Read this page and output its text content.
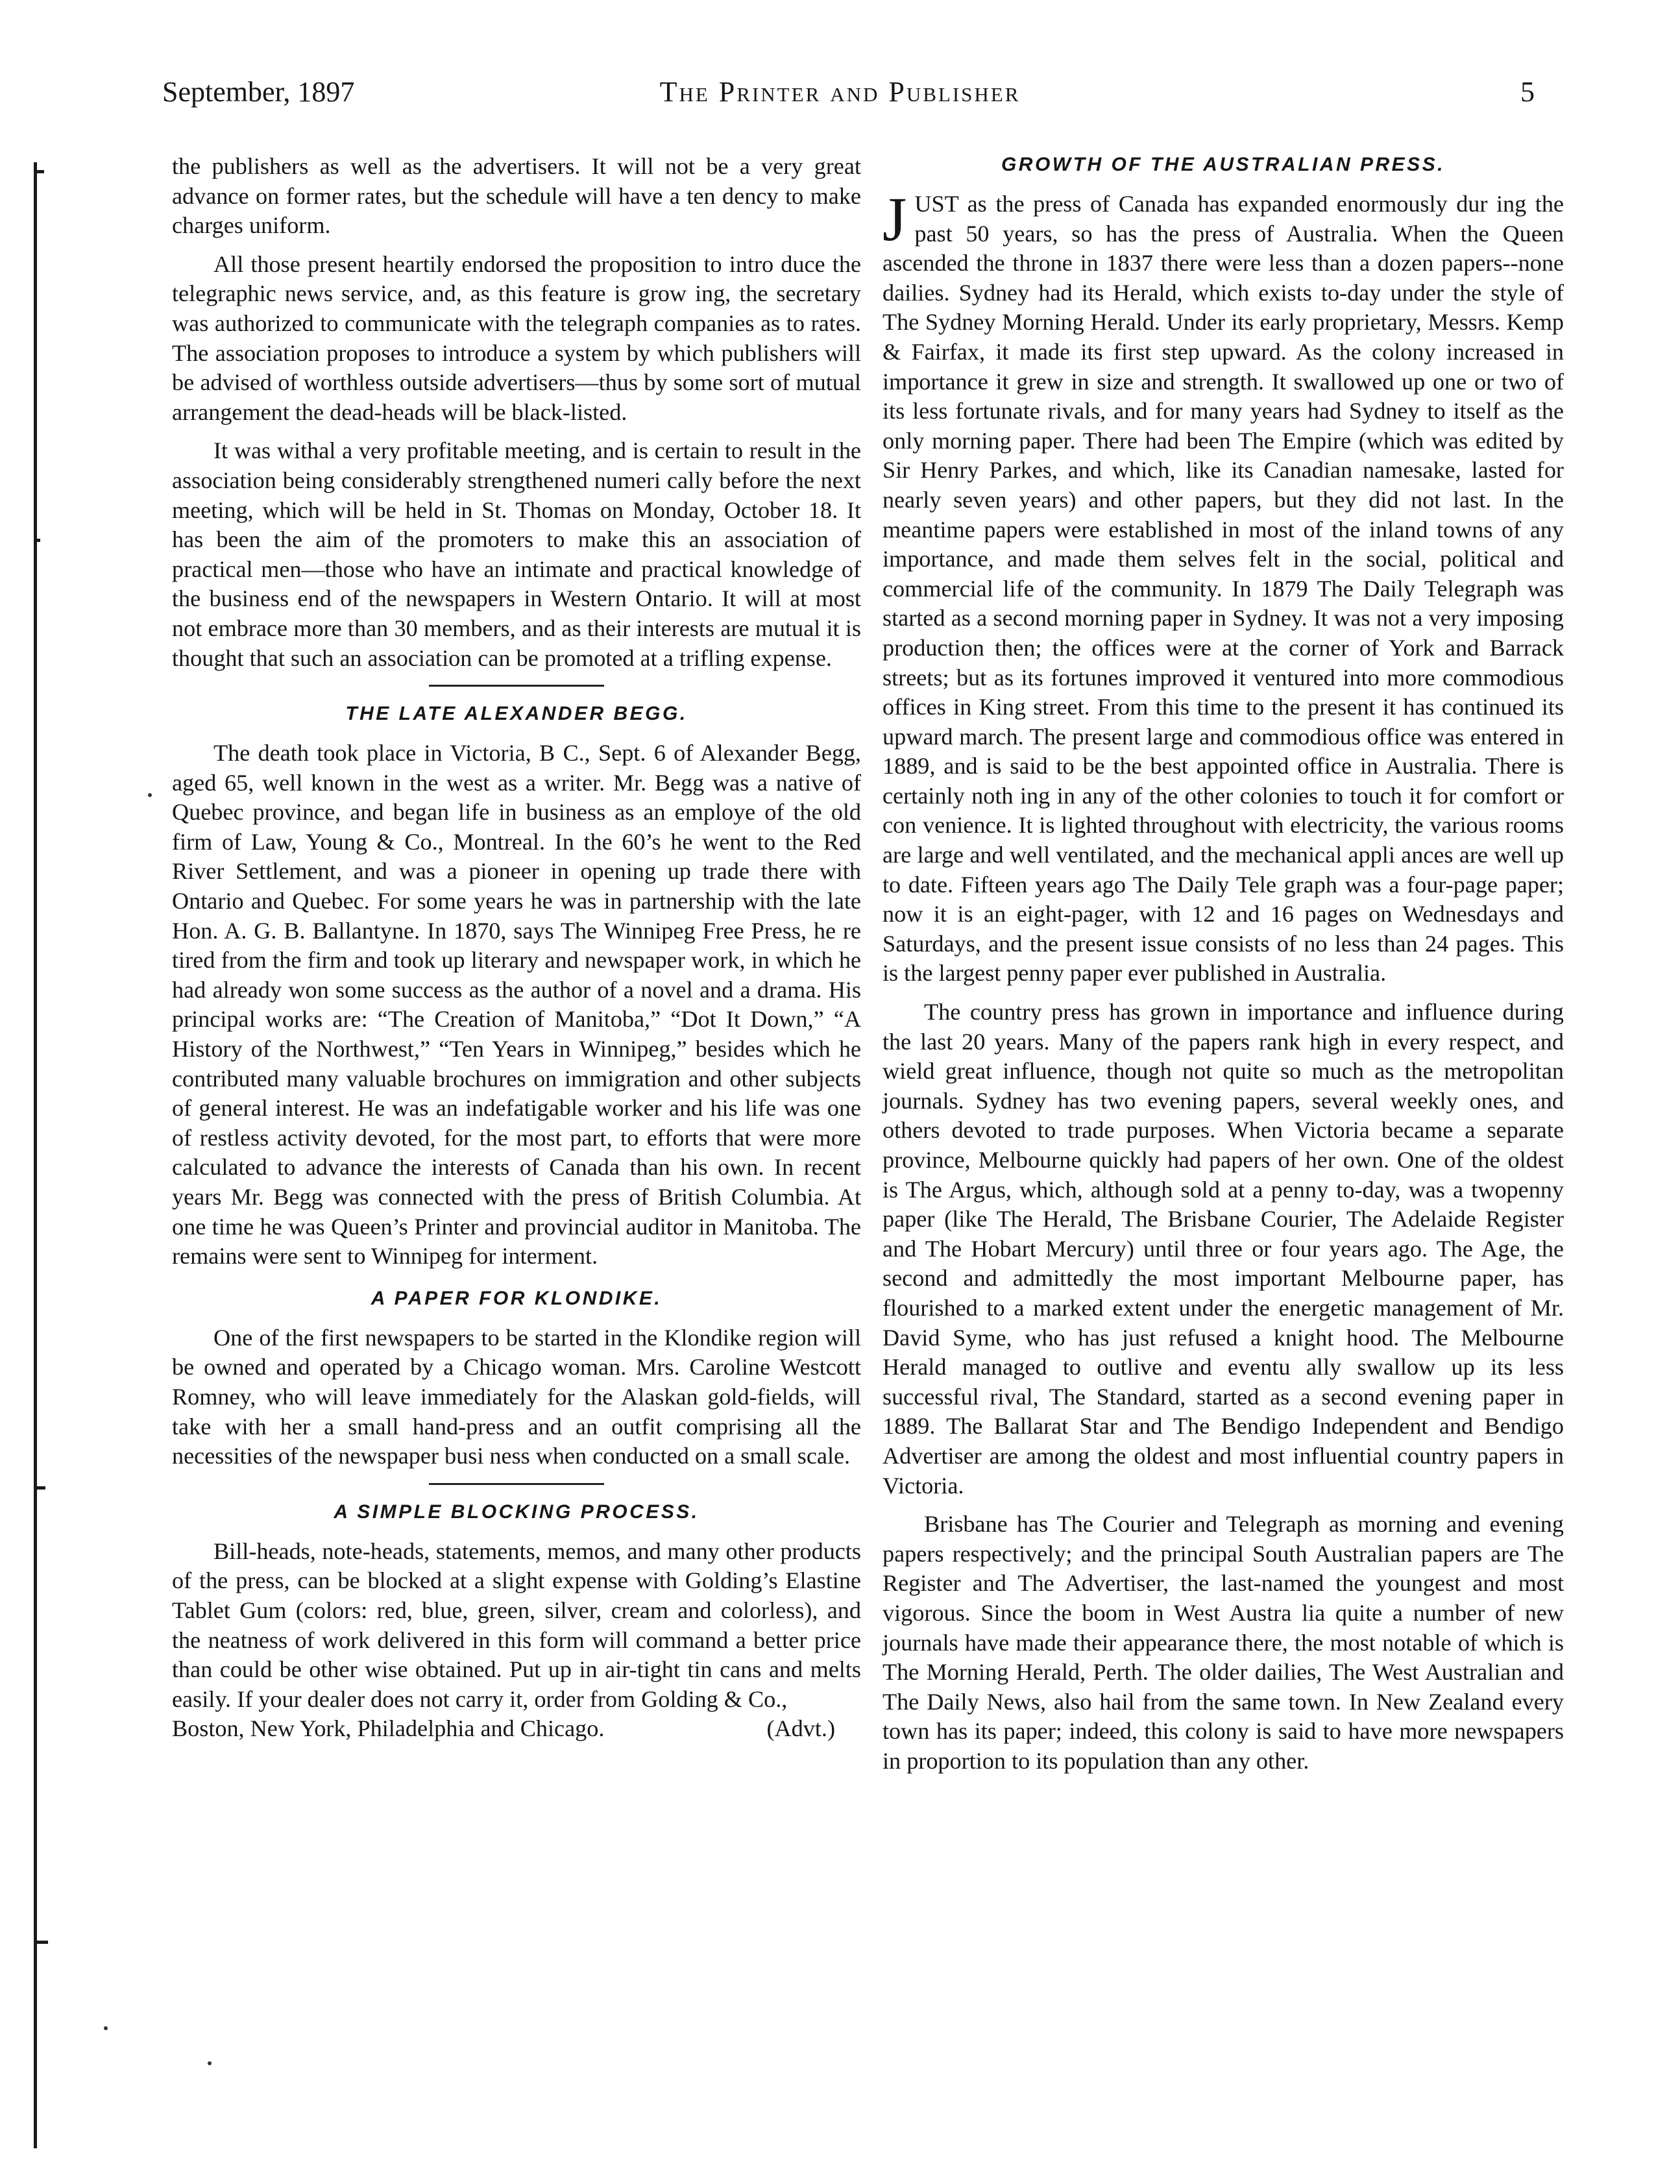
September, 1897	The Printer and Publisher	5

the publishers as well as the advertisers. It will not be a very great advance on former rates, but the schedule will have a ten dency to make charges uniform.

All those present heartily endorsed the proposition to intro duce the telegraphic news service, and, as this feature is grow ing, the secretary was authorized to communicate with the telegraph companies as to rates. The association proposes to introduce a system by which publishers will be advised of worthless outside advertisers—thus by some sort of mutual arrangement the dead-heads will be black-listed.

It was withal a very profitable meeting, and is certain to result in the association being considerably strengthened numeri cally before the next meeting, which will be held in St. Thomas on Monday, October 18. It has been the aim of the promoters to make this an association of practical men—those who have an intimate and practical knowledge of the business end of the newspapers in Western Ontario. It will at most not embrace more than 30 members, and as their interests are mutual it is thought that such an association can be promoted at a trifling expense.

THE LATE ALEXANDER BEGG.

The death took place in Victoria, B C., Sept. 6 of Alexander Begg, aged 65, well known in the west as a writer. Mr. Begg was a native of Quebec province, and began life in business as an employe of the old firm of Law, Young & Co., Montreal. In the 60’s he went to the Red River Settlement, and was a pioneer in opening up trade there with Ontario and Quebec. For some years he was in partnership with the late Hon. A. G. B. Ballantyne. In 1870, says The Winnipeg Free Press, he re tired from the firm and took up literary and newspaper work, in which he had already won some success as the author of a novel and a drama. His principal works are: “The Creation of Manitoba,” “Dot It Down,” “A History of the Northwest,” “Ten Years in Winnipeg,” besides which he contributed many valuable brochures on immigration and other subjects of general interest. He was an indefatigable worker and his life was one of restless activity devoted, for the most part, to efforts that were more calculated to advance the interests of Canada than his own. In recent years Mr. Begg was connected with the press of British Columbia. At one time he was Queen’s Printer and provincial auditor in Manitoba. The remains were sent to Winnipeg for interment.

A PAPER FOR KLONDIKE.

One of the first newspapers to be started in the Klondike region will be owned and operated by a Chicago woman. Mrs. Caroline Westcott Romney, who will leave immediately for the Alaskan gold-fields, will take with her a small hand-press and an outfit comprising all the necessities of the newspaper busi ness when conducted on a small scale.

A SIMPLE BLOCKING PROCESS.

Bill-heads, note-heads, statements, memos, and many other products of the press, can be blocked at a slight expense with Golding’s Elastine Tablet Gum (colors: red, blue, green, silver, cream and colorless), and the neatness of work delivered in this form will command a better price than could be other wise obtained. Put up in air-tight tin cans and melts easily. If your dealer does not carry it, order from Golding & Co.,

Boston, New York, Philadelphia and Chicago.	(Advt.)
GROWTH OF THE AUSTRALIAN PRESS.

JUST as the press of Canada has expanded enormously dur ing the past 50 years, so has the press of Australia. When the Queen ascended the throne in 1837 there were less than a dozen papers--none dailies. Sydney had its Herald, which exists to-day under the style of The Sydney Morning Herald. Under its early proprietary, Messrs. Kemp & Fairfax, it made its first step upward. As the colony increased in importance it grew in size and strength. It swallowed up one or two of its less fortunate rivals, and for many years had Sydney to itself as the only morning paper. There had been The Empire (which was edited by Sir Henry Parkes, and which, like its Canadian namesake, lasted for nearly seven years) and other papers, but they did not last. In the meantime papers were established in most of the inland towns of any importance, and made them selves felt in the social, political and commercial life of the community. In 1879 The Daily Telegraph was started as a second morning paper in Sydney. It was not a very imposing production then; the offices were at the corner of York and Barrack streets; but as its fortunes improved it ventured into more commodious offices in King street. From this time to the present it has continued its upward march. The present large and commodious office was entered in 1889, and is said to be the best appointed office in Australia. There is certainly noth ing in any of the other colonies to touch it for comfort or con venience. It is lighted throughout with electricity, the various rooms are large and well ventilated, and the mechanical appli ances are well up to date. Fifteen years ago The Daily Tele graph was a four-page paper; now it is an eight-pager, with 12 and 16 pages on Wednesdays and Saturdays, and the present issue consists of no less than 24 pages. This is the largest penny paper ever published in Australia.

The country press has grown in importance and influence during the last 20 years. Many of the papers rank high in every respect, and wield great influence, though not quite so much as the metropolitan journals. Sydney has two evening papers, several weekly ones, and others devoted to trade purposes. When Victoria became a separate province, Melbourne quickly had papers of her own. One of the oldest is The Argus, which, although sold at a penny to-day, was a twopenny paper (like The Herald, The Brisbane Courier, The Adelaide Register and The Hobart Mercury) until three or four years ago. The Age, the second and admittedly the most important Melbourne paper, has flourished to a marked extent under the energetic management of Mr. David Syme, who has just refused a knight hood. The Melbourne Herald managed to outlive and eventu ally swallow up its less successful rival, The Standard, started as a second evening paper in 1889. The Ballarat Star and The Bendigo Independent and Bendigo Advertiser are among the oldest and most influential country papers in Victoria.

Brisbane has The Courier and Telegraph as morning and evening papers respectively; and the principal South Australian papers are The Register and The Advertiser, the last-named the youngest and most vigorous. Since the boom in West Austra lia quite a number of new journals have made their appearance there, the most notable of which is The Morning Herald, Perth. The older dailies, The West Australian and The Daily News, also hail from the same town. In New Zealand every town has its paper; indeed, this colony is said to have more newspapers in proportion to its population than any other.
